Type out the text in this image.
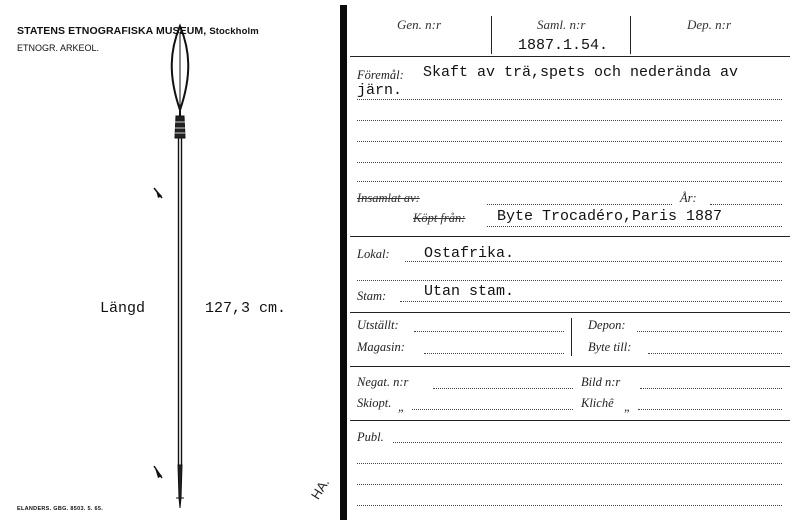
STATENS ETNOGRAFISKA MUSEUM, Stockholm
ETNOGR. ARKEOL.
Längd	127,3 cm.
ELANDERS. GBG. 8503. 5. 65.
HA.
Gen. n:r	Saml. n:r
1887.1.54.
Dep. n:r
Föremål: Skaft av trä,spets och nederända av
järn.
Insamlat av:	År:
Köpt från: Byte Trocadéro,Paris 1887
Lokal: Ostafrika.
Stam:	Utan stam.
Utställt:
Magasin:
Depon:
Byte till:
Negat. n:r	Bild n:r
Skiopt. „	Klichê „
Publ.
